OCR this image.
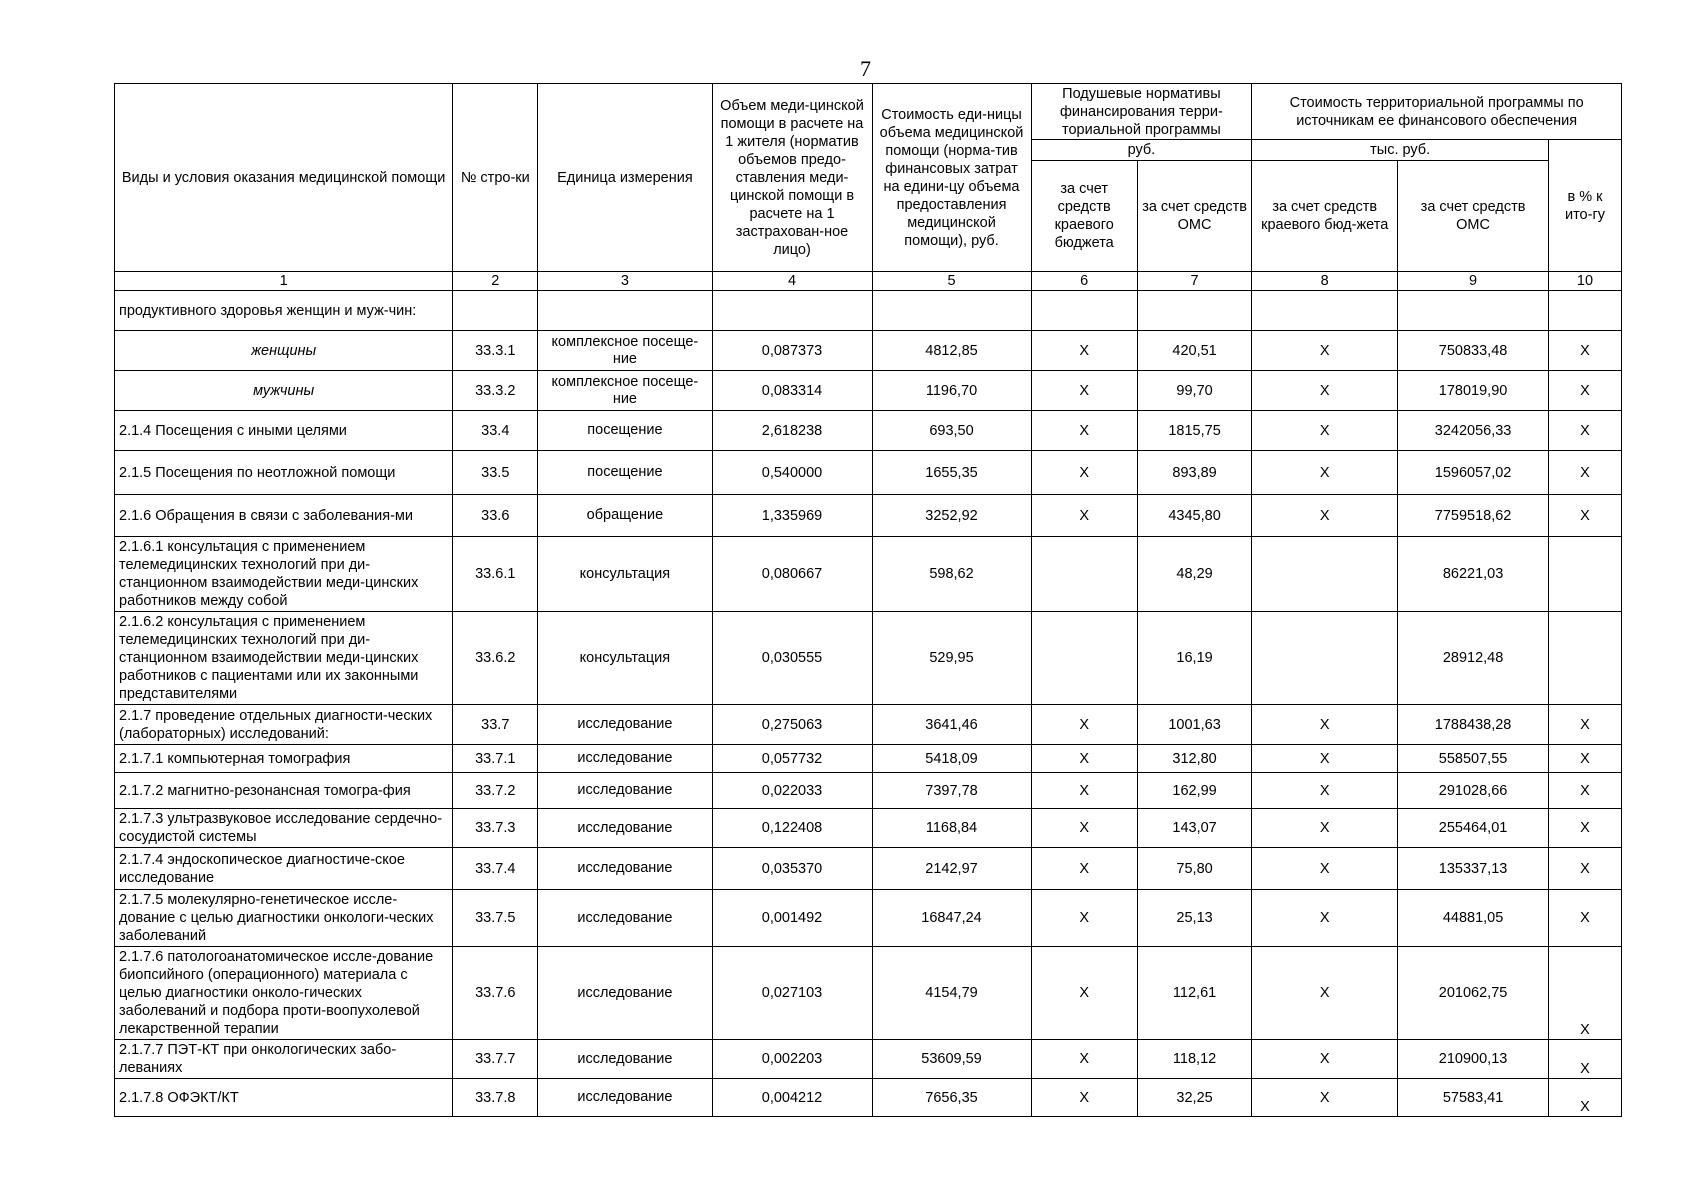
7
Виды и условия оказания медицинской помощи	№ стро-ки	Единица измерения	Объем меди-цинской помощи в расчете на 1 жителя (норматив объемов предо-ставления меди-цинской помощи в расчете на 1 застрахован-ное лицо)	Стоимость еди-ницы объема медицинской помощи (норма-тив финансовых затрат на едини-цу объема предоставления медицинской помощи), руб.	Подушевые нормативы финансирования терри-ториальной программы		Стоимость территориальной программы по источникам ее финансового обеспечения		
					руб.		тыс. руб.		в % к ито-гу
					за счет средств краевого бюджета	за счет средств ОМС	за счет средств краевого бюд-жета	за счет средств ОМС	
1	2	3	4	5	6	7	8	9	10
продуктивного здоровья женщин и муж-чин:									
женщины	33.3.1	комплексное посеще-ние	0,087373	4812,85	X	420,51	X	750833,48	X
мужчины	33.3.2	комплексное посеще-ние	0,083314	1196,70	X	99,70	X	178019,90	X
2.1.4 Посещения с иными целями	33.4	посещение	2,618238	693,50	X	1815,75	X	3242056,33	X
2.1.5 Посещения по неотложной помощи	33.5	посещение	0,540000	1655,35	X	893,89	X	1596057,02	X
2.1.6 Обращения в связи с заболевания-ми	33.6	обращение	1,335969	3252,92	X	4345,80	X	7759518,62	X
2.1.6.1 консультация с применением телемедицинских технологий при ди-станционном взаимодействии меди-цинских работников между собой	33.6.1	консультация	0,080667	598,62		48,29		86221,03	
2.1.6.2 консультация с применением телемедицинских технологий при ди-станционном взаимодействии меди-цинских работников с пациентами или их законными представителями	33.6.2	консультация	0,030555	529,95		16,19		28912,48	
2.1.7 проведение отдельных диагности-ческих (лабораторных) исследований:	33.7	исследование	0,275063	3641,46	X	1001,63	X	1788438,28	X
2.1.7.1 компьютерная томография	33.7.1	исследование	0,057732	5418,09	X	312,80	X	558507,55	X
2.1.7.2 магнитно-резонансная томогра-фия	33.7.2	исследование	0,022033	7397,78	X	162,99	X	291028,66	X
2.1.7.3 ультразвуковое исследование сердечно-сосудистой системы	33.7.3	исследование	0,122408	1168,84	X	143,07	X	255464,01	X
2.1.7.4 эндоскопическое диагностиче-ское исследование	33.7.4	исследование	0,035370	2142,97	X	75,80	X	135337,13	X
2.1.7.5 молекулярно-генетическое иссле-дование с целью диагностики онкологи-ческих заболеваний	33.7.5	исследование	0,001492	16847,24	X	25,13	X	44881,05	X
2.1.7.6 патологоанатомическое иссле-дование биопсийного (операционного) материала с целью диагностики онколо-гических заболеваний и подбора проти-воопухолевой лекарственной терапии	33.7.6	исследование	0,027103	4154,79	X	112,61	X	201062,75	X
2.1.7.7 ПЭТ-КТ при онкологических забо-леваниях	33.7.7	исследование	0,002203	53609,59	X	118,12	X	210900,13	X
2.1.7.8 ОФЭКТ/КТ	33.7.8	исследование	0,004212	7656,35	X	32,25	X	57583,41	X
